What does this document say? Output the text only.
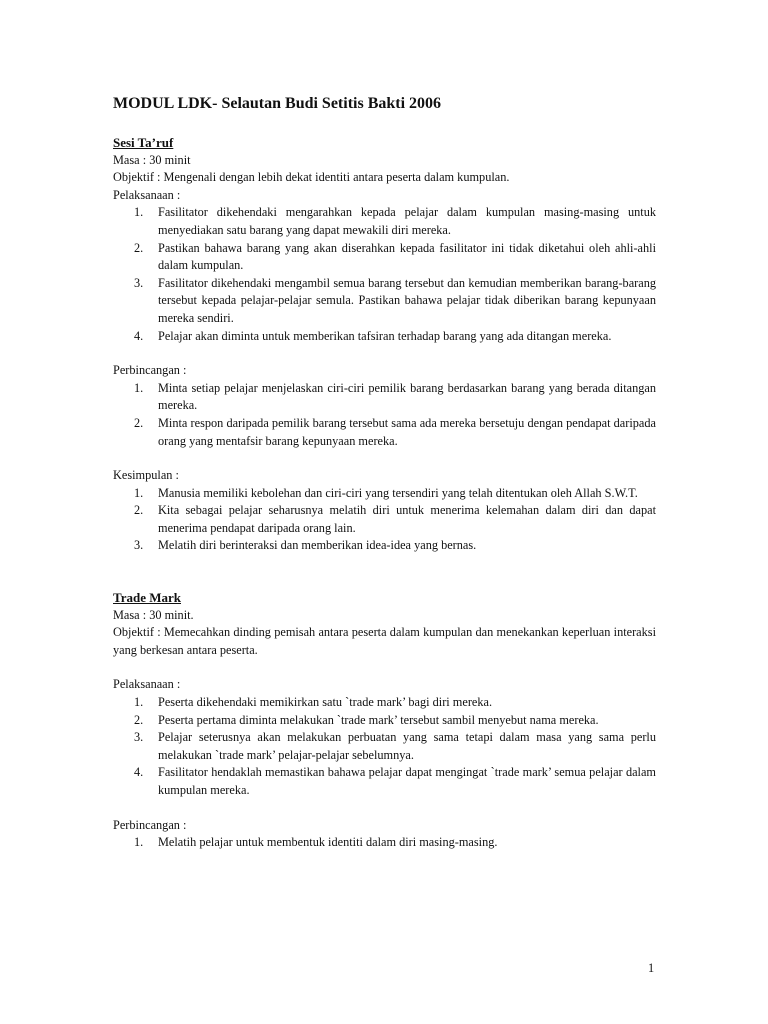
MODUL LDK- Selautan Budi Setitis Bakti 2006

Sesi Ta’ruf

Masa : 30 minit

Objektif : Mengenali dengan lebih dekat identiti antara peserta dalam kumpulan.

Pelaksanaan :

1. Fasilitator dikehendaki mengarahkan kepada pelajar dalam kumpulan masing-masing untuk menyediakan satu barang yang dapat mewakili diri mereka.
2. Pastikan bahawa barang yang akan diserahkan kepada fasilitator ini tidak diketahui oleh ahli-ahli dalam kumpulan.
3. Fasilitator dikehendaki mengambil semua barang tersebut dan kemudian memberikan barang-barang tersebut kepada pelajar-pelajar semula. Pastikan bahawa pelajar tidak diberikan barang kepunyaan mereka sendiri.
4. Pelajar akan diminta untuk memberikan tafsiran terhadap barang yang ada ditangan mereka.

Perbincangan :

1. Minta setiap pelajar menjelaskan ciri-ciri pemilik barang berdasarkan barang yang berada ditangan mereka.
2. Minta respon daripada pemilik barang tersebut sama ada mereka bersetuju dengan pendapat daripada orang yang mentafsir barang kepunyaan mereka.

Kesimpulan :

1. Manusia memiliki kebolehan dan ciri-ciri yang tersendiri yang telah ditentukan oleh Allah S.W.T.
2. Kita sebagai pelajar seharusnya melatih diri untuk menerima kelemahan dalam diri dan dapat menerima pendapat daripada orang lain.
3. Melatih diri berinteraksi dan memberikan idea-idea yang bernas.

Trade Mark

Masa : 30 minit.

Objektif : Memecahkan dinding pemisah antara peserta dalam kumpulan dan menekankan keperluan interaksi yang berkesan antara peserta.

Pelaksanaan :

1. Peserta dikehendaki memikirkan satu `trade mark’ bagi diri mereka.
2. Peserta pertama diminta melakukan `trade mark’ tersebut sambil menyebut nama mereka.
3. Pelajar seterusnya akan melakukan perbuatan yang sama tetapi dalam masa yang sama perlu melakukan `trade mark’ pelajar-pelajar sebelumnya.
4. Fasilitator hendaklah memastikan bahawa pelajar dapat mengingat `trade mark’ semua pelajar dalam kumpulan mereka.

Perbincangan :

1. Melatih pelajar untuk membentuk identiti dalam diri masing-masing.
1
